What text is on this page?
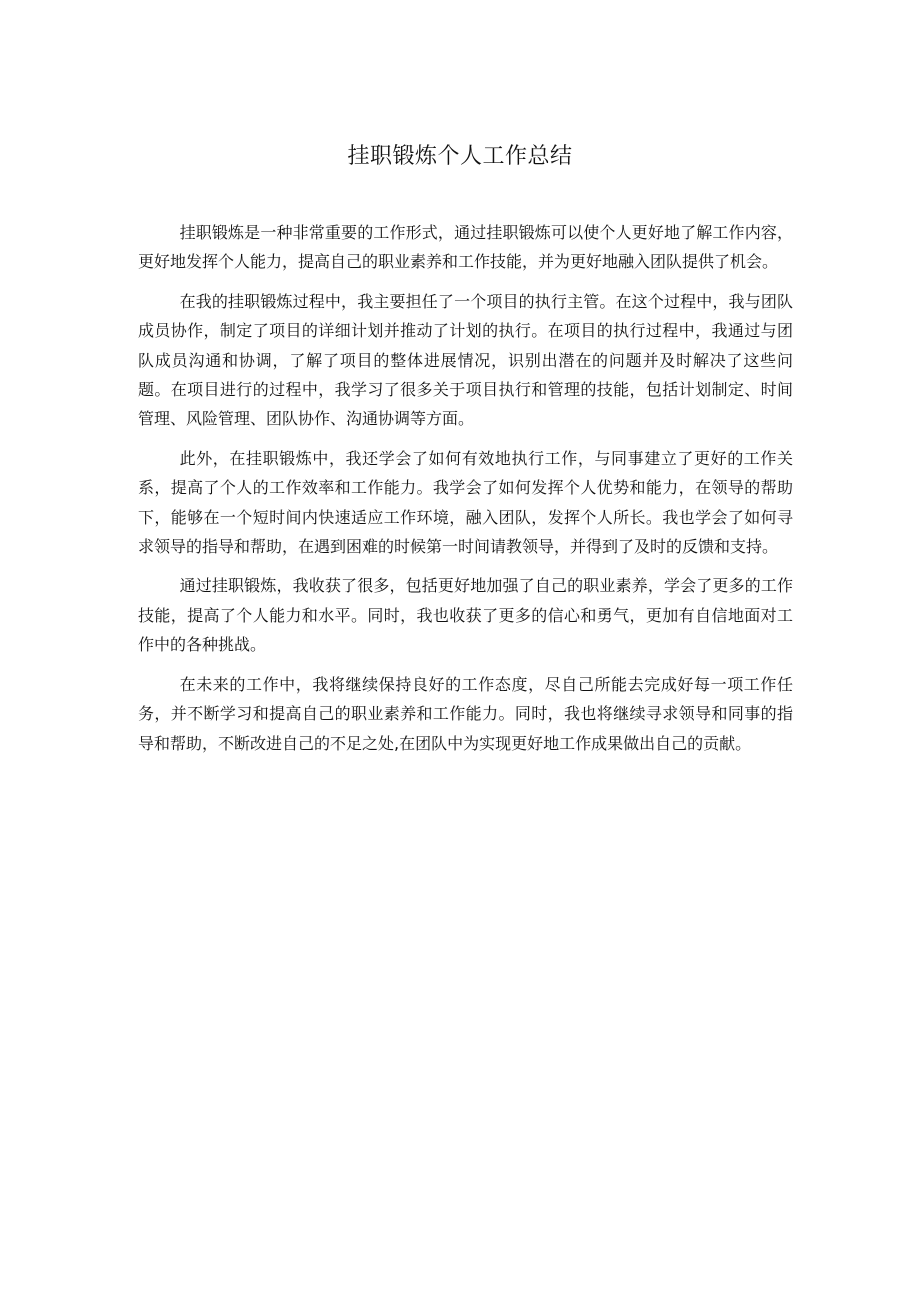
挂职锻炼个人工作总结

挂职锻炼是一种非常重要的工作形式，通过挂职锻炼可以使个人更好地了解工作内容，更好地发挥个人能力，提高自己的职业素养和工作技能，并为更好地融入团队提供了机会。

在我的挂职锻炼过程中，我主要担任了一个项目的执行主管。在这个过程中，我与团队成员协作，制定了项目的详细计划并推动了计划的执行。在项目的执行过程中，我通过与团队成员沟通和协调，了解了项目的整体进展情况，识别出潜在的问题并及时解决了这些问题。在项目进行的过程中，我学习了很多关于项目执行和管理的技能，包括计划制定、时间管理、风险管理、团队协作、沟通协调等方面。

此外，在挂职锻炼中，我还学会了如何有效地执行工作，与同事建立了更好的工作关系，提高了个人的工作效率和工作能力。我学会了如何发挥个人优势和能力，在领导的帮助下，能够在一个短时间内快速适应工作环境，融入团队，发挥个人所长。我也学会了如何寻求领导的指导和帮助，在遇到困难的时候第一时间请教领导，并得到了及时的反馈和支持。

通过挂职锻炼，我收获了很多，包括更好地加强了自己的职业素养，学会了更多的工作技能，提高了个人能力和水平。同时，我也收获了更多的信心和勇气，更加有自信地面对工作中的各种挑战。

在未来的工作中，我将继续保持良好的工作态度，尽自己所能去完成好每一项工作任务，并不断学习和提高自己的职业素养和工作能力。同时，我也将继续寻求领导和同事的指导和帮助，不断改进自己的不足之处,在团队中为实现更好地工作成果做出自己的贡献。
